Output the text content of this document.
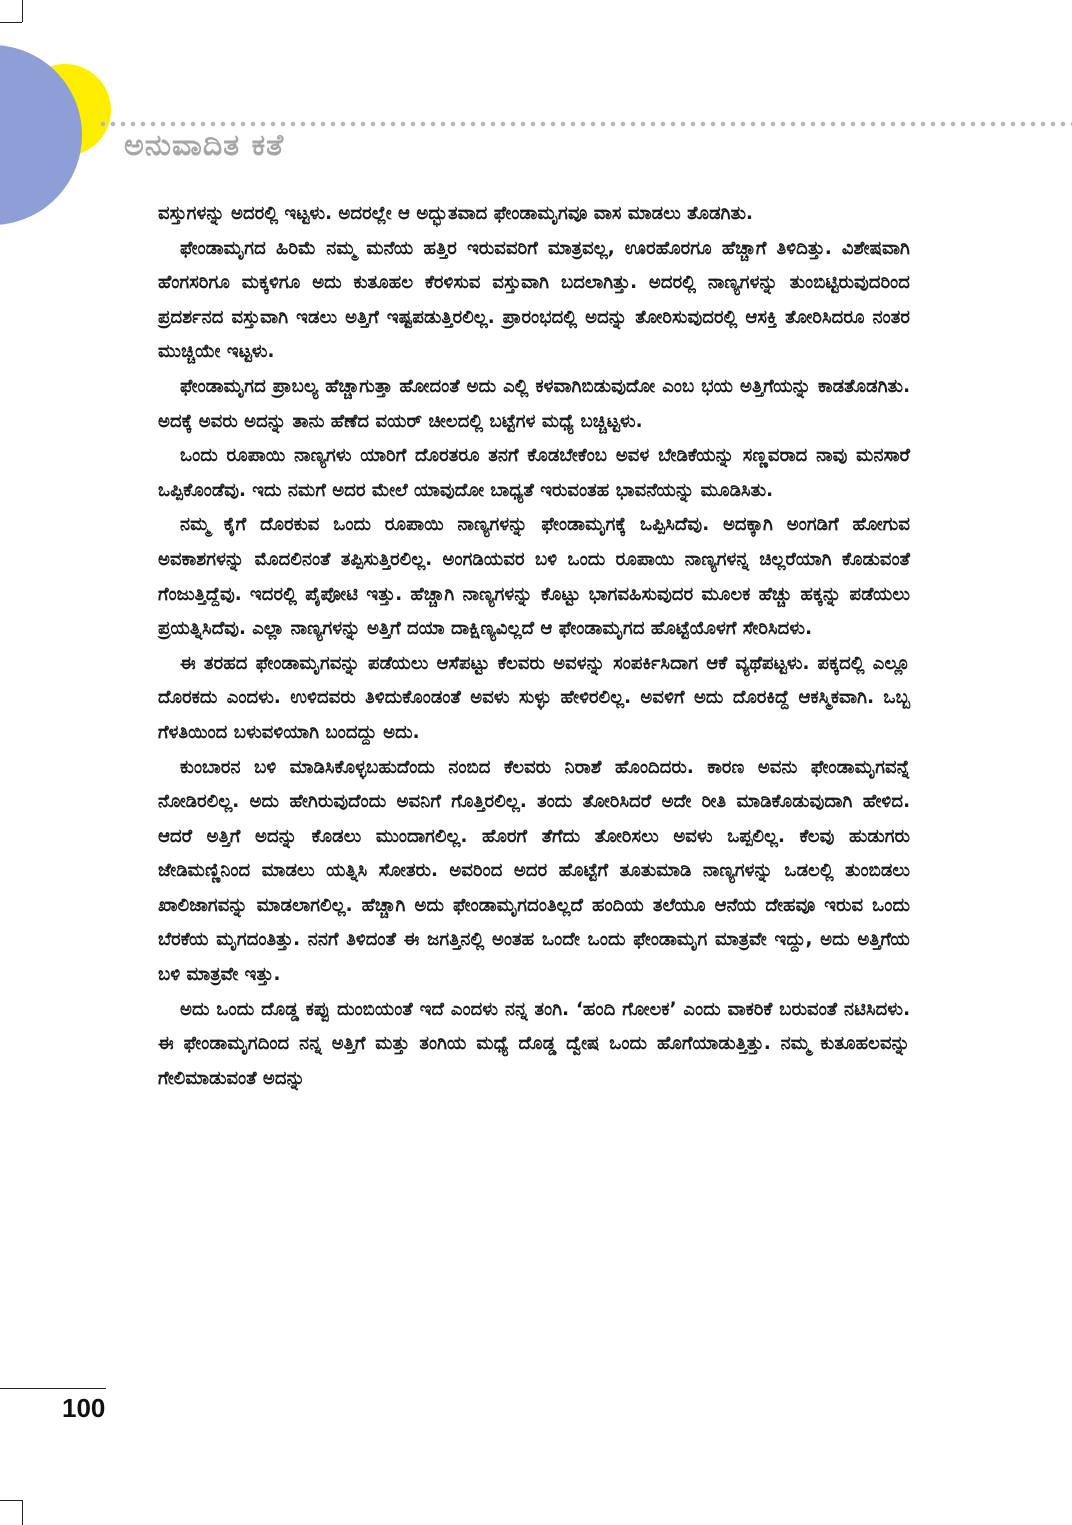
ಅನುವಾದಿತ ಕತೆ

ವಸ್ತುಗಳನ್ನು ಅದರಲ್ಲಿ ಇಟ್ಟಳು. ಅದರಲ್ಲೇ ಆ ಅದ್ಭುತವಾದ ಫೇಂಡಾಮೃಗವೂ ವಾಸ ಮಾಡಲು ತೊಡಗಿತು.

ಫೇಂಡಾಮೃಗದ ಹಿರಿಮೆ ನಮ್ಮ ಮನೆಯ ಹತ್ತಿರ ಇರುವವರಿಗೆ ಮಾತ್ರವಲ್ಲ, ಊರಹೊರಗೂ ಹೆಚ್ಚಾಗೆ ತಿಳಿದಿತ್ತು. ವಿಶೇಷವಾಗಿ ಹೆಂಗಸರಿಗೂ ಮಕ್ಕಳಿಗೂ ಅದು ಕುತೂಹಲ ಕೆರಳಿಸುವ ವಸ್ತುವಾಗಿ ಬದಲಾಗಿತ್ತು. ಅದರಲ್ಲಿ ನಾಣ್ಯಗಳನ್ನು ತುಂಬಿಟ್ಟಿರುವುದರಿಂದ ಪ್ರದರ್ಶನದ ವಸ್ತುವಾಗಿ ಇಡಲು ಅತ್ತಿಗೆ ಇಷ್ಟಪಡುತ್ತಿರಲಿಲ್ಲ. ಪ್ರಾರಂಭದಲ್ಲಿ ಅದನ್ನು ತೋರಿಸುವುದರಲ್ಲಿ ಆಸಕ್ತಿ ತೋರಿಸಿದರೂ ನಂತರ ಮುಚ್ಚಿಯೇ ಇಟ್ಟಳು.

ಫೇಂಡಾಮೃಗದ ಪ್ರಾಬಲ್ಯ ಹೆಚ್ಚಾಗುತ್ತಾ ಹೋದಂತೆ ಅದು ಎಲ್ಲಿ ಕಳವಾಗಿಬಿಡುವುದೋ ಎಂಬ ಭಯ ಅತ್ತಿಗೆಯನ್ನು ಕಾಡತೊಡಗಿತು. ಅದಕ್ಕೆ ಅವರು ಅದನ್ನು ತಾನು ಹೆಣೆದ ವಯರ್ ಚೀಲದಲ್ಲಿ ಬಟ್ಟೆಗಳ ಮಧ್ಯೆ ಬಚ್ಚಿಟ್ಟಳು.

ಒಂದು ರೂಪಾಯಿ ನಾಣ್ಯಗಳು ಯಾರಿಗೆ ದೊರತರೂ ತನಗೆ ಕೊಡಬೇಕೆಂಬ ಅವಳ ಬೇಡಿಕೆಯನ್ನು ಸಣ್ಣವರಾದ ನಾವು ಮನಸಾರೆ ಒಪ್ಪಿಕೊಂಡೆವು. ಇದು ನಮಗೆ ಅದರ ಮೇಲೆ ಯಾವುದೋ ಬಾಧ್ಯತೆ ಇರುವಂತಹ ಭಾವನೆಯನ್ನು ಮೂಡಿಸಿತು.

ನಮ್ಮ ಕೈಗೆ ದೊರಕುವ ಒಂದು ರೂಪಾಯಿ ನಾಣ್ಯಗಳನ್ನು ಫೇಂಡಾಮೃಗಕ್ಕೆ ಒಪ್ಪಿಸಿದೆವು. ಅದಕ್ಕಾಗಿ ಅಂಗಡಿಗೆ ಹೋಗುವ ಅವಕಾಶಗಳನ್ನು ಮೊದಲಿನಂತೆ ತಪ್ಪಿಸುತ್ತಿರಲಿಲ್ಲ. ಅಂಗಡಿಯವರ ಬಳಿ ಒಂದು ರೂಪಾಯಿ ನಾಣ್ಯಗಳನ್ನ ಚಿಲ್ಲರೆಯಾಗಿ ಕೊಡುವಂತೆ ಗೆಂಜುತ್ತಿದ್ದೆವು. ಇದರಲ್ಲಿ ಪೈಪೋಟಿ ಇತ್ತು. ಹೆಚ್ಚಾಗಿ ನಾಣ್ಯಗಳನ್ನು ಕೊಟ್ಟು ಭಾಗವಹಿಸುವುದರ ಮೂಲಕ ಹೆಚ್ಚು ಹಕ್ಕನ್ನು ಪಡೆಯಲು ಪ್ರಯತ್ನಿಸಿದೆವು. ಎಲ್ಲಾ ನಾಣ್ಯಗಳನ್ನು ಅತ್ತಿಗೆ ದಯಾ ದಾಕ್ಷಿಣ್ಯವಿಲ್ಲದೆ ಆ ಫೇಂಡಾಮೃಗದ ಹೊಟ್ಟೆಯೊಳಗೆ ಸೇರಿಸಿದಳು.

ಈ ತರಹದ ಫೇಂಡಾಮೃಗವನ್ನು ಪಡೆಯಲು ಆಸೆಪಟ್ಟು ಕೆಲವರು ಅವಳನ್ನು ಸಂಪರ್ಕಿಸಿದಾಗ ಆಕೆ ವ್ಯಥೆಪಟ್ಟಳು. ಪಕ್ಕದಲ್ಲಿ ಎಲ್ಲೂ ದೊರಕದು ಎಂದಳು. ಉಳಿದವರು ತಿಳಿದುಕೊಂಡಂತೆ ಅವಳು ಸುಳ್ಳು ಹೇಳಿರಲಿಲ್ಲ. ಅವಳಿಗೆ ಅದು ದೊರಕಿದ್ದೆ ಆಕಸ್ಮಿಕವಾಗಿ. ಒಬ್ಬ ಗೆಳತಿಯಿಂದ ಬಳುವಳಿಯಾಗಿ ಬಂದದ್ದು ಅದು.

ಕುಂಬಾರನ ಬಳಿ ಮಾಡಿಸಿಕೊಳ್ಳಬಹುದೆಂದು ನಂಬಿದ ಕೆಲವರು ನಿರಾಶೆ ಹೊಂದಿದರು. ಕಾರಣ ಅವನು ಫೇಂಡಾಮೃಗವನ್ನೆ ನೋಡಿರಲಿಲ್ಲ. ಅದು ಹೇಗಿರುವುದೆಂದು ಅವನಿಗೆ ಗೊತ್ತಿರಲಿಲ್ಲ. ತಂದು ತೋರಿಸಿದರೆ ಅದೇ ರೀತಿ ಮಾಡಿಕೊಡುವುದಾಗಿ ಹೇಳಿದ. ಆದರೆ ಅತ್ತಿಗೆ ಅದನ್ನು ಕೊಡಲು ಮುಂದಾಗಲಿಲ್ಲ. ಹೊರಗೆ ತೆಗೆದು ತೋರಿಸಲು ಅವಳು ಒಪ್ಪಲಿಲ್ಲ. ಕೆಲವು ಹುಡುಗರು ಜೇಡಿಮಣ್ಣಿನಿಂದ ಮಾಡಲು ಯತ್ನಿಸಿ ಸೋತರು. ಅವರಿಂದ ಅದರ ಹೊಟ್ಟೆಗೆ ತೂತುಮಾಡಿ ನಾಣ್ಯಗಳನ್ನು ಒಡಲಲ್ಲಿ ತುಂಬಿಡಲು ಖಾಲಿಜಾಗವನ್ನು ಮಾಡಲಾಗಲಿಲ್ಲ. ಹೆಚ್ಚಾಗಿ ಅದು ಫೇಂಡಾಮೃಗದಂತಿಲ್ಲದೆ ಹಂದಿಯ ತಲೆಯೂ ಆನೆಯ ದೇಹವೂ ಇರುವ ಒಂದು ಬೆರಕೆಯ ಮೃಗದಂತಿತ್ತು. ನನಗೆ ತಿಳಿದಂತೆ ಈ ಜಗತ್ತಿನಲ್ಲಿ ಅಂತಹ ಒಂದೇ ಒಂದು ಫೇಂಡಾಮೃಗ ಮಾತ್ರವೇ ಇದ್ದು, ಅದು ಅತ್ತಿಗೆಯ ಬಳಿ ಮಾತ್ರವೇ ಇತ್ತು.

ಅದು ಒಂದು ದೊಡ್ಡ ಕಪ್ಪು ದುಂಬಿಯಂತೆ ಇದೆ ಎಂದಳು ನನ್ನ ತಂಗಿ. ‘ಹಂದಿ ಗೋಲಕ’ ಎಂದು ವಾಕರಿಕೆ ಬರುವಂತೆ ನಟಿಸಿದಳು. ಈ ಫೇಂಡಾಮೃಗದಿಂದ ನನ್ನ ಅತ್ತಿಗೆ ಮತ್ತು ತಂಗಿಯ ಮಧ್ಯೆ ದೊಡ್ಡ ದ್ವೇಷ ಒಂದು ಹೊಗೆಯಾಡುತ್ತಿತ್ತು. ನಮ್ಮ ಕುತೂಹಲವನ್ನು ಗೇಲಿಮಾಡುವಂತೆ ಅದನ್ನು

100
